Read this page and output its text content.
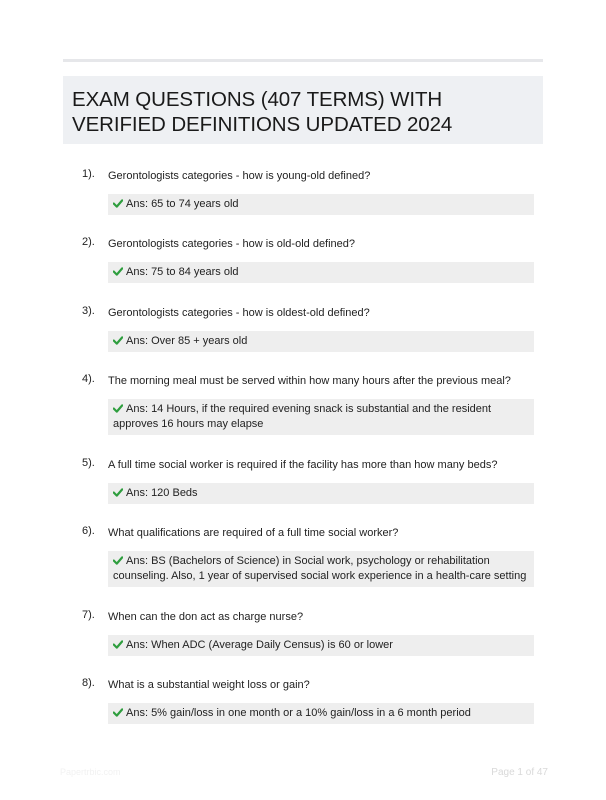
EXAM QUESTIONS (407 TERMS) WITH VERIFIED DEFINITIONS UPDATED 2024
1). Gerontologists categories - how is young-old defined?
Ans: 65 to 74 years old
2). Gerontologists categories - how is old-old defined?
Ans: 75 to 84 years old
3). Gerontologists categories - how is oldest-old defined?
Ans: Over 85 + years old
4). The morning meal must be served within how many hours after the previous meal?
Ans: 14 Hours, if the required evening snack is substantial and the resident approves 16 hours may elapse
5). A full time social worker is required if the facility has more than how many beds?
Ans: 120 Beds
6). What qualifications are required of a full time social worker?
Ans: BS (Bachelors of Science) in Social work, psychology or rehabilitation counseling. Also, 1 year of supervised social work experience in a health-care setting
7). When can the don act as charge nurse?
Ans: When ADC (Average Daily Census) is 60 or lower
8). What is a substantial weight loss or gain?
Ans: 5% gain/loss in one month or a 10% gain/loss in a 6 month period
Papertrbic.com	Page 1 of 47
